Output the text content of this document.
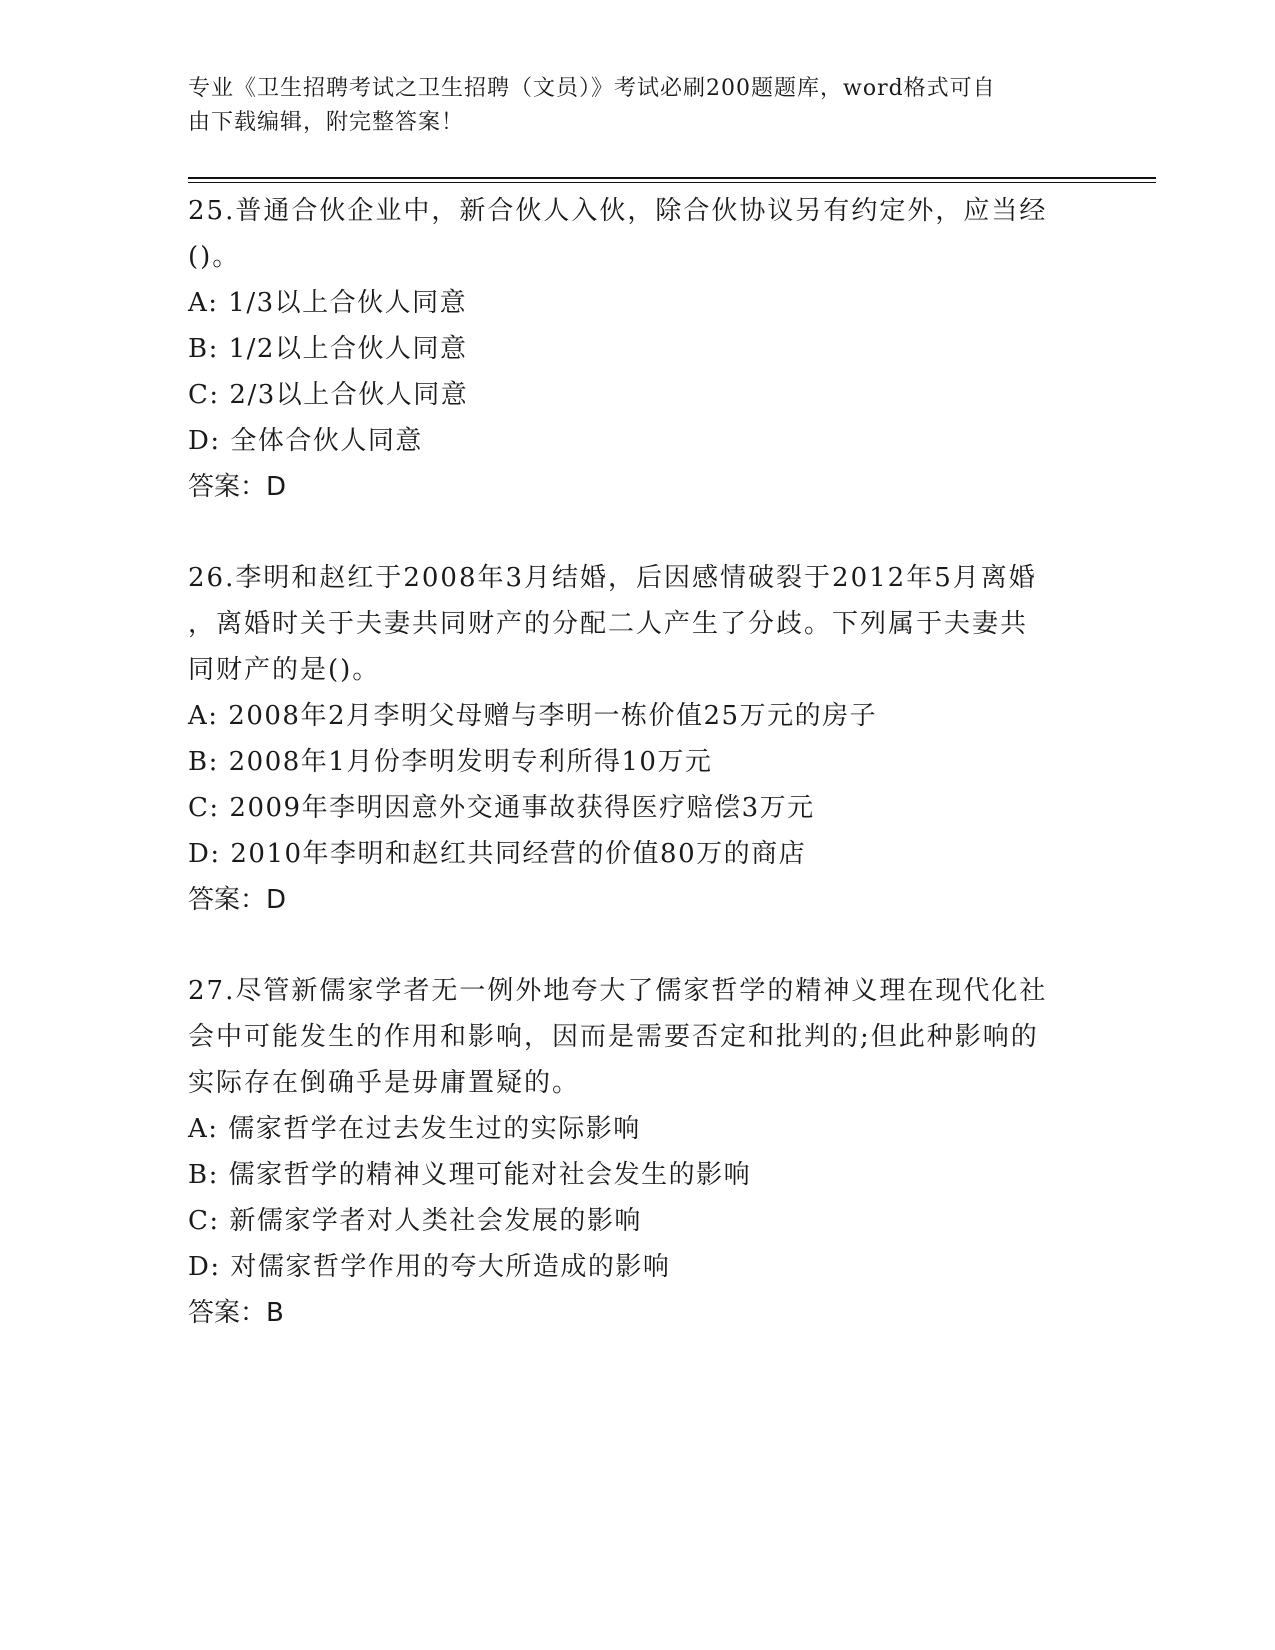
专业《卫生招聘考试之卫生招聘（文员）》考试必刷200题题库，word格式可自
由下载编辑，附完整答案！

25.普通合伙企业中，新合伙人入伙，除合伙协议另有约定外，应当经

()。

A: 1/3以上合伙人同意

B: 1/2以上合伙人同意

C: 2/3以上合伙人同意

D: 全体合伙人同意

答案：D

26.李明和赵红于2008年3月结婚，后因感情破裂于2012年5月离婚

，离婚时关于夫妻共同财产的分配二人产生了分歧。下列属于夫妻共

同财产的是()。

A: 2008年2月李明父母赠与李明一栋价值25万元的房子

B: 2008年1月份李明发明专利所得10万元

C: 2009年李明因意外交通事故获得医疗赔偿3万元

D: 2010年李明和赵红共同经营的价值80万的商店

答案：D

27.尽管新儒家学者无一例外地夸大了儒家哲学的精神义理在现代化社

会中可能发生的作用和影响，因而是需要否定和批判的;但此种影响的

实际存在倒确乎是毋庸置疑的。

A: 儒家哲学在过去发生过的实际影响

B: 儒家哲学的精神义理可能对社会发生的影响

C: 新儒家学者对人类社会发展的影响

D: 对儒家哲学作用的夸大所造成的影响

答案：B
